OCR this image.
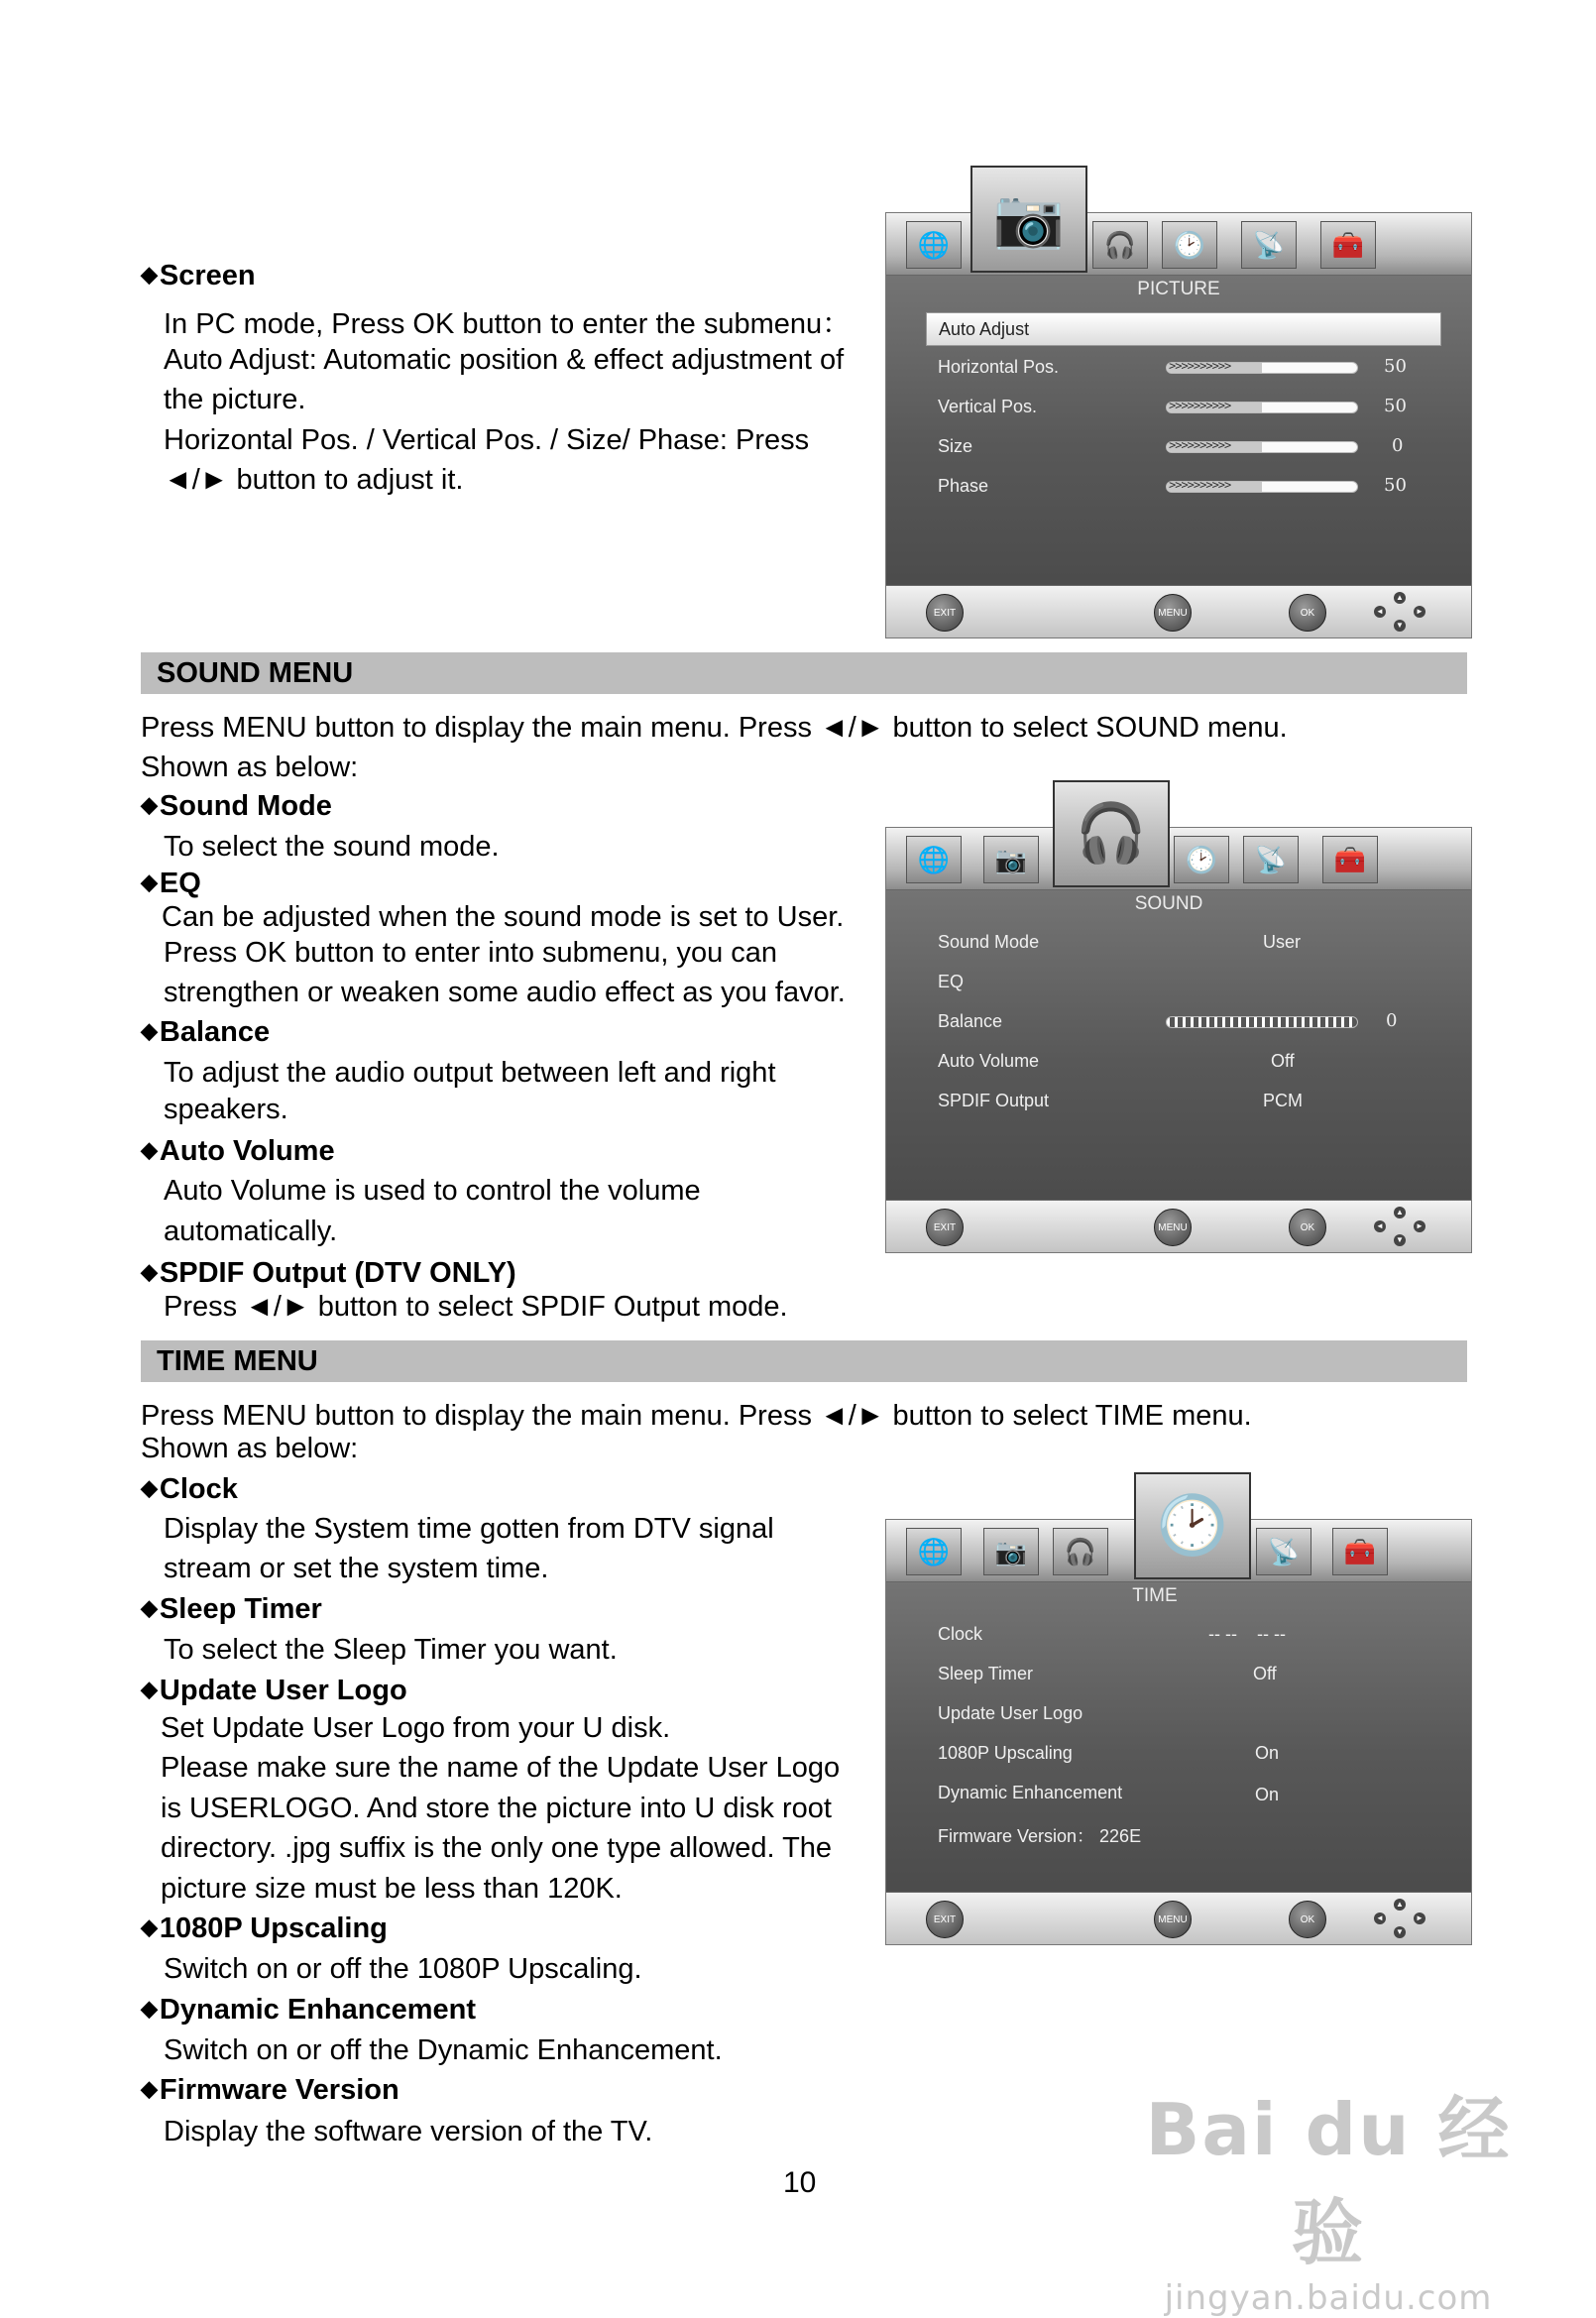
◆Screen
In PC mode, Press OK button to enter the submenu：
Auto Adjust: Automatic position & effect adjustment of
the picture.
Horizontal Pos. / Vertical Pos. / Size/ Phase: Press
◄/► button to adjust it.
🌐 📷	🎧	🕑	📡	🧰
PICTURE
Auto Adjust
Horizontal Pos.	>>>>>>>>>>	50
Vertical Pos.	>>>>>>>>>>	50
Size	>>>>>>>>>>	0
Phase	>>>>>>>>>>	50
EXIT	MENU	OK
▲
◄	►
▼
SOUND MENU
Press MENU button to display the main menu. Press ◄/► button to select SOUND menu.
Shown as below:
◆Sound Mode
To select the sound mode.
◆EQ
Can be adjusted when the sound mode is set to User.
Press OK button to enter into submenu, you can
strengthen or weaken some audio effect as you favor.
◆Balance
To adjust the audio output between left and right
speakers.
◆Auto Volume
Auto Volume is used to control the volume
automatically.
◆SPDIF Output (DTV ONLY)
Press ◄/► button to select SPDIF Output mode.
🌐	📷 🎧	🕑	📡	🧰
SOUND
Sound Mode	User
EQ
Balance	0
Auto Volume	Off
SPDIF Output	PCM
EXIT	MENU	OK
▲
◄	►
▼
TIME MENU
Press MENU button to display the main menu. Press ◄/► button to select TIME menu.
Shown as below:
◆Clock
Display the System time gotten from DTV signal
stream or set the system time.
◆Sleep Timer
To select the Sleep Timer you want.
◆Update User Logo
Set Update User Logo from your U disk.
Please make sure the name of the Update User Logo
is USERLOGO. And store the picture into U disk root
directory. .jpg suffix is the only one type allowed. The
picture size must be less than 120K.
◆1080P Upscaling
Switch on or off the 1080P Upscaling.
◆Dynamic Enhancement
Switch on or off the Dynamic Enhancement.
◆Firmware Version
Display the software version of the TV.
🌐	📷	🎧	🕑	📡	🧰
TIME
Clock	-- --    -- --
Sleep Timer	Off
Update User Logo
1080P Upscaling	On
Dynamic Enhancement	On
Firmware Version： 226E
EXIT	MENU	OK
▲
◄	►
▼
10
Bai du 经验
jingyan.baidu.com
